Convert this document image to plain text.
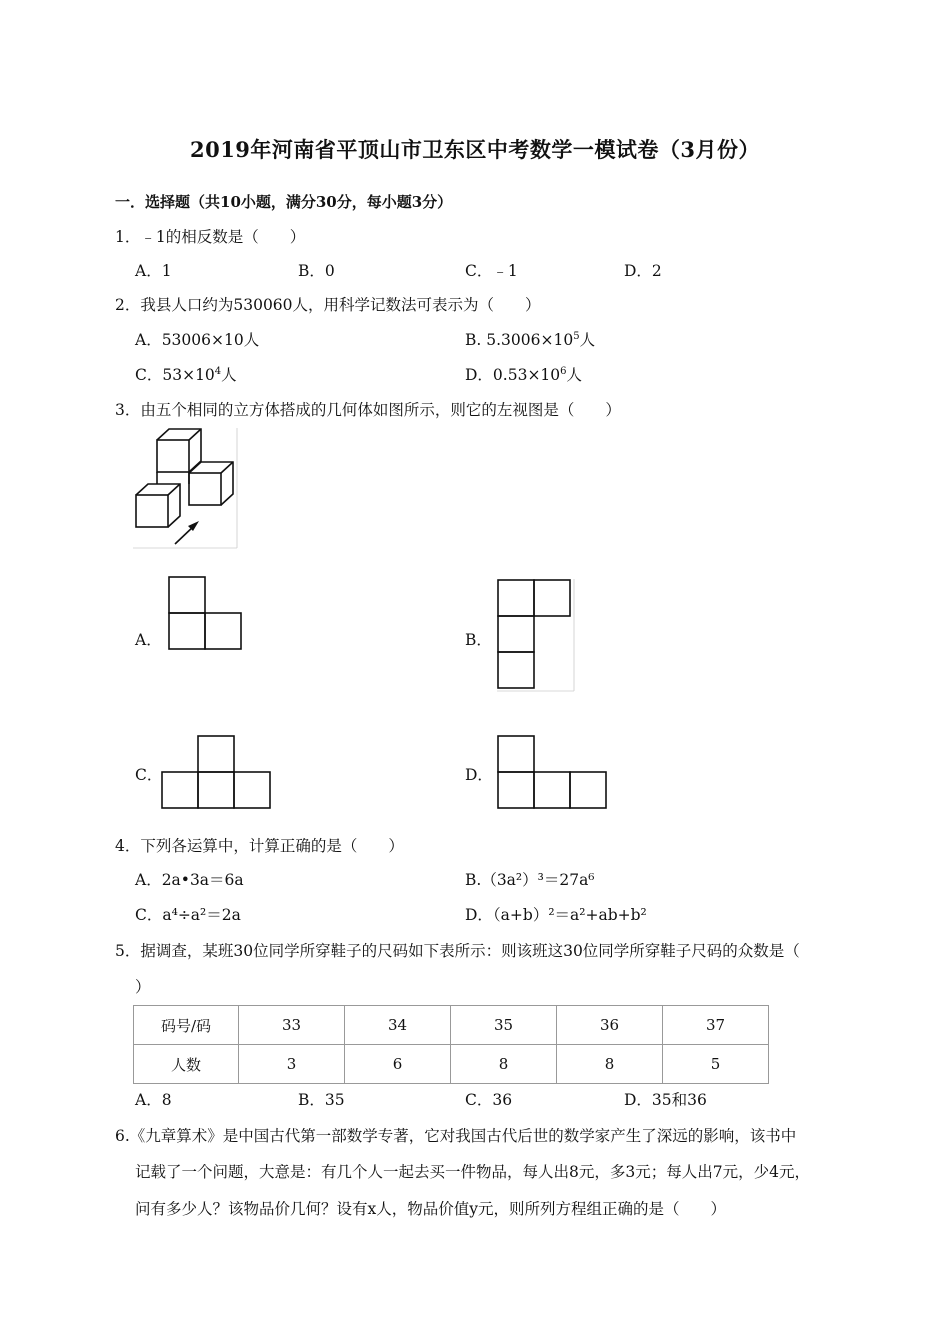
2019年河南省平顶山市卫东区中考数学一模试卷（3月份）
一．选择题（共10小题，满分30分，每小题3分）
1．﹣1的相反数是（　　）
A．1	B．0	C．﹣1	D．2
2．我县人口约为530060人，用科学记数法可表示为（　　）
A．53006×10人	B. $5.3006\times 10^5$人
C．$53\times 10^4$人	D．$0.53\times 10^6$人
3．由五个相同的立方体搭成的几何体如图所示，则它的左视图是（　　）
A．	B．
C．	D．
4．下列各运算中，计算正确的是（　　）
A．2a•3a＝6a	B.（3a²）³＝27a⁶
C．a⁴÷a²＝2a	D．（a+b）²＝a²+ab+b²
5．据调查，某班30位同学所穿鞋子的尺码如下表所示：则该班这30位同学所穿鞋子尺码的众数是（
）
码号/码	33	34	35	36	37
人数	3	6	8	8	5
A．8	B．35	C．36	D．35和36
6.《九章算术》是中国古代第一部数学专著，它对我国古代后世的数学家产生了深远的影响，该书中
记载了一个问题，大意是：有几个人一起去买一件物品，每人出8元，多3元；每人出7元，少4元，
问有多少人？该物品价几何？设有x人，物品价值y元，则所列方程组正确的是（　　）
